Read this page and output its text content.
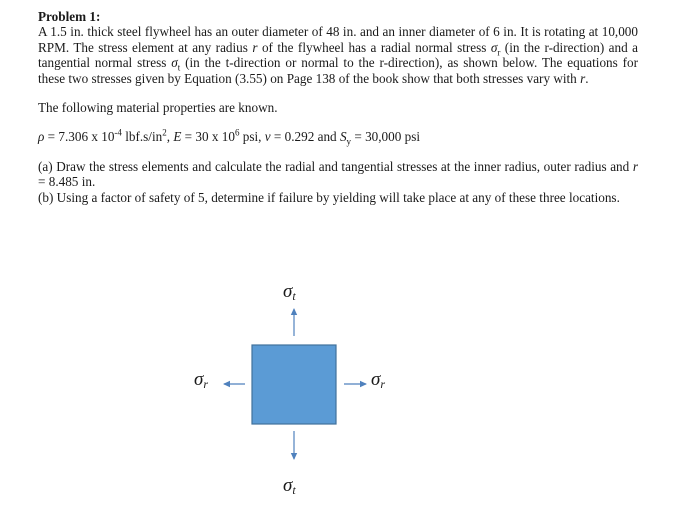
Problem 1:

A 1.5 in. thick steel flywheel has an outer diameter of 48 in. and an inner diameter of 6 in. It is rotating at 10,000 RPM. The stress element at any radius r of the flywheel has a radial normal stress $\sigma_r$ (in the r-direction) and a tangential normal stress $\sigma_t$ (in the t-direction or normal to the r-direction), as shown below. The equations for these two stresses given by Equation (3.55) on Page 138 of the book show that both stresses vary with r.

The following material properties are known.

ρ = 7.306 x $10^{-4}$ $lbf.s/in^2$, E = 30 x $10^6$ psi, ν = 0.292 and $S_y = 30,000$ psi

(a) Draw the stress elements and calculate the radial and tangential stresses at the inner radius, outer radius and r = 8.485 in.

(b) Using a factor of safety of 5, determine if failure by yielding will take place at any of these three locations.

$\sigma_t$
$\sigma_t$
$\sigma_r$	$\sigma_r$
